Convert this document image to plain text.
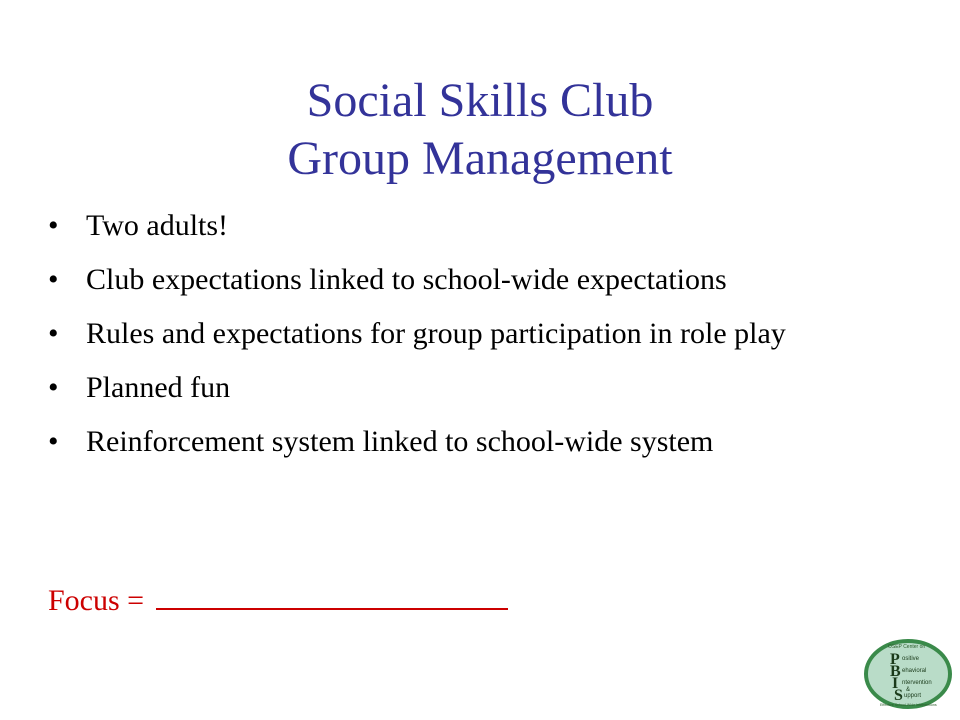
Social Skills Club
Group Management
• Two adults!
• Club expectations linked to school-wide expectations
• Rules and expectations for group participation in role play
• Planned fun
• Reinforcement system linked to school-wide system
Focus =
OSEP Center on
P ositive
B ehavioral
I ntervention
&
S upport
Effective School-Wide Interventions
